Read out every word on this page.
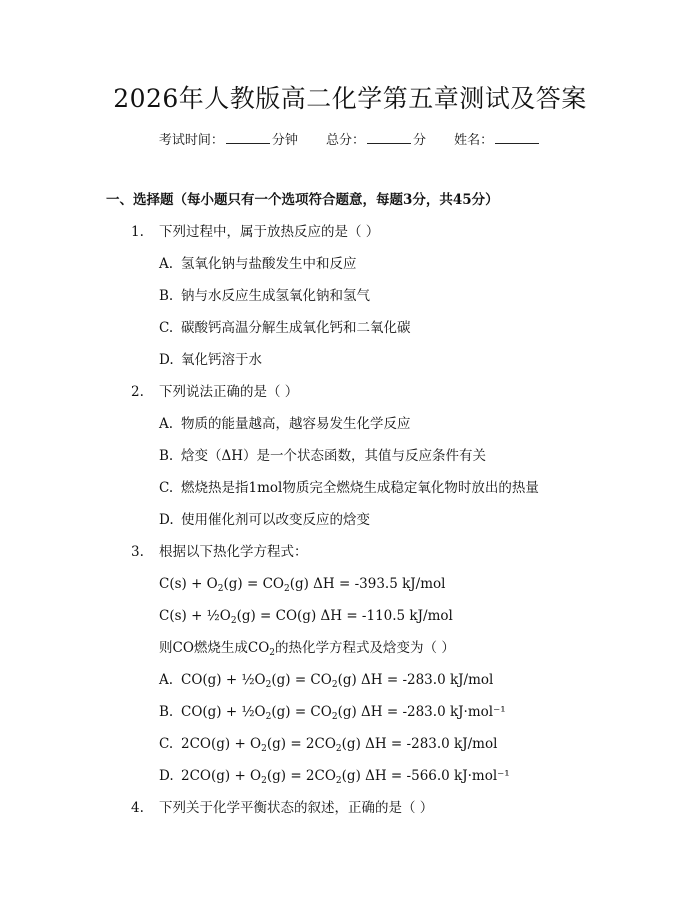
2026年人教版高二化学第五章测试及答案
考试时间：	分钟 总分：	分 姓名：
一、选择题（每小题只有一个选项符合题意，每题3分，共45分）
1. 下列过程中，属于放热反应的是（ ）
A. 氢氧化钠与盐酸发生中和反应
B. 钠与水反应生成氢氧化钠和氢气
C. 碳酸钙高温分解生成氧化钙和二氧化碳
D. 氧化钙溶于水
2. 下列说法正确的是（ ）
A. 物质的能量越高，越容易发生化学反应
B. 焓变（ΔH）是一个状态函数，其值与反应条件有关
C. 燃烧热是指1mol物质完全燃烧生成稳定氧化物时放出的热量
D. 使用催化剂可以改变反应的焓变
3. 根据以下热化学方程式：
$C(s) + O_2(g) = CO_2(g) \Delta H = -393.5$ kJ/mol
$C(s) + \frac{1}{2}O_2(g) = CO(g) \Delta H = -110.5$ kJ/mol
则CO燃烧生成$CO_2$的热化学方程式及焓变为（ ）
A. $CO(g) + \frac{1}{2}O_2(g) = CO_2(g) \Delta H = -283.0$ kJ/mol
B. $CO(g) + \frac{1}{2}O_2(g) = CO_2(g) \Delta H = -283.0$ kJ·mol⁻¹
C. $2CO(g) + O_2(g) = 2CO_2(g) \Delta H = -283.0$ kJ/mol
D. $2CO(g) + O_2(g) = 2CO_2(g) \Delta H = -566.0$ kJ·mol⁻¹
4. 下列关于化学平衡状态的叙述，正确的是（ ）
